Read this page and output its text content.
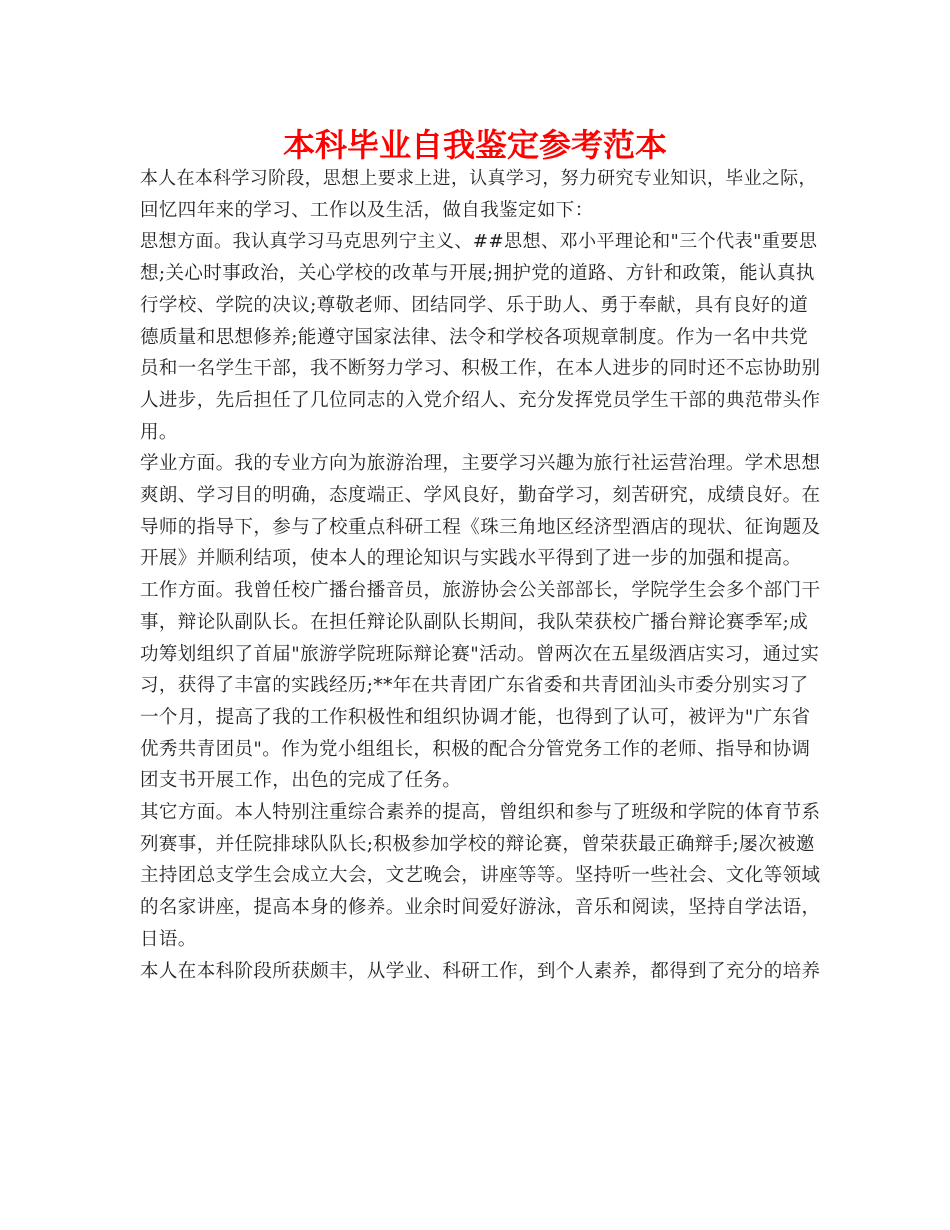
本科毕业自我鉴定参考范本

本人在本科学习阶段，思想上要求上进，认真学习，努力研究专业知识，毕业之际，
回忆四年来的学习、工作以及生活，做自我鉴定如下：

思想方面。我认真学习马克思列宁主义、##思想、邓小平理论和"三个代表"重要思
想;关心时事政治，关心学校的改革与开展;拥护党的道路、方针和政策，能认真执
行学校、学院的决议;尊敬老师、团结同学、乐于助人、勇于奉献，具有良好的道
德质量和思想修养;能遵守国家法律、法令和学校各项规章制度。作为一名中共党
员和一名学生干部，我不断努力学习、积极工作，在本人进步的同时还不忘协助别
人进步，先后担任了几位同志的入党介绍人、充分发挥党员学生干部的典范带头作
用。

学业方面。我的专业方向为旅游治理，主要学习兴趣为旅行社运营治理。学术思想
爽朗、学习目的明确，态度端正、学风良好，勤奋学习，刻苦研究，成绩良好。在
导师的指导下，参与了校重点科研工程《珠三角地区经济型酒店的现状、征询题及
开展》并顺利结项，使本人的理论知识与实践水平得到了进一步的加强和提高。

工作方面。我曾任校广播台播音员，旅游协会公关部部长，学院学生会多个部门干
事，辩论队副队长。在担任辩论队副队长期间，我队荣获校广播台辩论赛季军;成
功筹划组织了首届"旅游学院班际辩论赛"活动。曾两次在五星级酒店实习，通过实
习，获得了丰富的实践经历;**年在共青团广东省委和共青团汕头市委分别实习了
一个月，提高了我的工作积极性和组织协调才能，也得到了认可，被评为"广东省
优秀共青团员"。作为党小组组长，积极的配合分管党务工作的老师、指导和协调
团支书开展工作，出色的完成了任务。

其它方面。本人特别注重综合素养的提高，曾组织和参与了班级和学院的体育节系
列赛事，并任院排球队队长;积极参加学校的辩论赛，曾荣获最正确辩手;屡次被邀
主持团总支学生会成立大会，文艺晚会，讲座等等。坚持听一些社会、文化等领域
的名家讲座，提高本身的修养。业余时间爱好游泳，音乐和阅读，坚持自学法语，
日语。

本人在本科阶段所获颇丰，从学业、科研工作，到个人素养，都得到了充分的培养
